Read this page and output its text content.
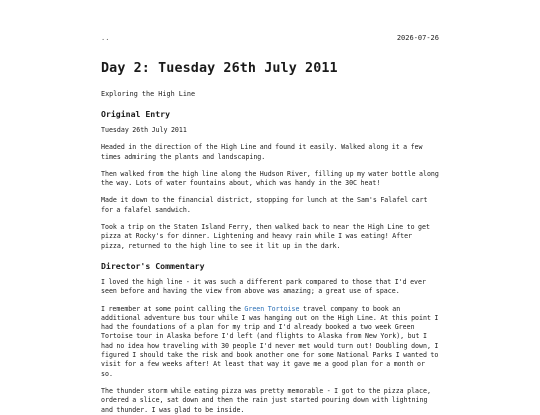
..	2026-07-26
Day 2: Tuesday 26th July 2011
Exploring the High Line
Original Entry

Tuesday 26th July 2011

Headed in the direction of the High Line and found it easily. Walked along it a few times admiring the plants and landscaping.

Then walked from the high line along the Hudson River, filling up my water bottle along the way. Lots of water fountains about, which was handy in the 30C heat!

Made it down to the financial district, stopping for lunch at the Sam's Falafel cart for a falafel sandwich.

Took a trip on the Staten Island Ferry, then walked back to near the High Line to get pizza at Rocky's for dinner. Lightening and heavy rain while I was eating! After pizza, returned to the high line to see it lit up in the dark.

Director's Commentary

I loved the high line - it was such a different park compared to those that I'd ever seen before and having the view from above was amazing; a great use of space.

I remember at some point calling the Green Tortoise travel company to book an additional adventure bus tour while I was hanging out on the High Line. At this point I had the foundations of a plan for my trip and I'd already booked a two week Green Tortoise tour in Alaska before I'd left (and flights to Alaska from New York), but I had no idea how traveling with 30 people I'd never met would turn out! Doubling down, I figured I should take the risk and book another one for some National Parks I wanted to visit for a few weeks after! At least that way it gave me a good plan for a month or so.

The thunder storm while eating pizza was pretty memorable - I got to the pizza place, ordered a slice, sat down and then the rain just started pouring down with lightning and thunder. I was glad to be inside.
